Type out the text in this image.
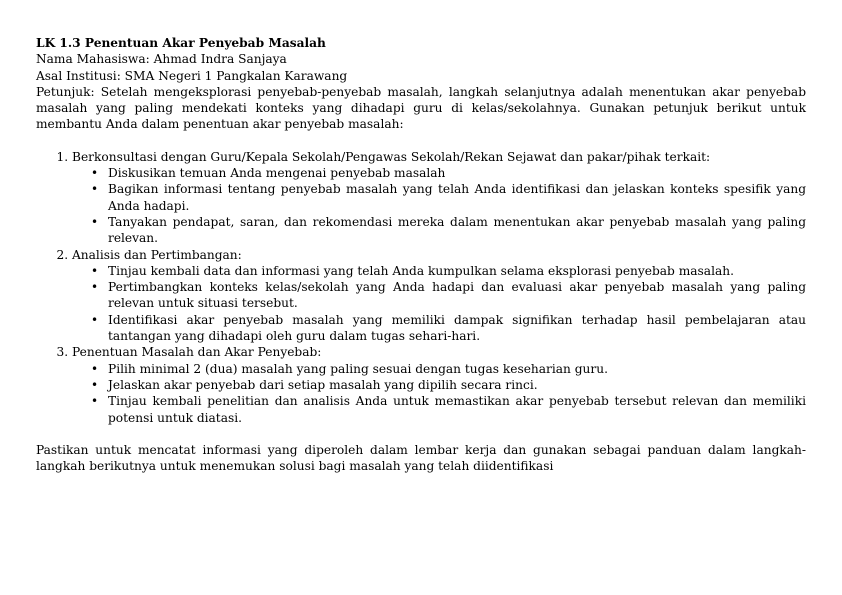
LK 1.3 Penentuan Akar Penyebab Masalah
Nama Mahasiswa: Ahmad Indra Sanjaya
Asal Institusi: SMA Negeri 1 Pangkalan Karawang
Petunjuk: Setelah mengeksplorasi penyebab-penyebab masalah, langkah selanjutnya adalah menentukan akar penyebab masalah yang paling mendekati konteks yang dihadapi guru di kelas/sekolahnya. Gunakan petunjuk berikut untuk membantu Anda dalam penentuan akar penyebab masalah:
1. Berkonsultasi dengan Guru/Kepala Sekolah/Pengawas Sekolah/Rekan Sejawat dan pakar/pihak terkait:
• Diskusikan temuan Anda mengenai penyebab masalah
• Bagikan informasi tentang penyebab masalah yang telah Anda identifikasi dan jelaskan konteks spesifik yang Anda hadapi.
• Tanyakan pendapat, saran, dan rekomendasi mereka dalam menentukan akar penyebab masalah yang paling relevan.
2. Analisis dan Pertimbangan:
• Tinjau kembali data dan informasi yang telah Anda kumpulkan selama eksplorasi penyebab masalah.
• Pertimbangkan konteks kelas/sekolah yang Anda hadapi dan evaluasi akar penyebab masalah yang paling relevan untuk situasi tersebut.
• Identifikasi akar penyebab masalah yang memiliki dampak signifikan terhadap hasil pembelajaran atau tantangan yang dihadapi oleh guru dalam tugas sehari-hari.
3. Penentuan Masalah dan Akar Penyebab:
• Pilih minimal 2 (dua) masalah yang paling sesuai dengan tugas keseharian guru.
• Jelaskan akar penyebab dari setiap masalah yang dipilih secara rinci.
• Tinjau kembali penelitian dan analisis Anda untuk memastikan akar penyebab tersebut relevan dan memiliki potensi untuk diatasi.
Pastikan untuk mencatat informasi yang diperoleh dalam lembar kerja dan gunakan sebagai panduan dalam langkah-langkah berikutnya untuk menemukan solusi bagi masalah yang telah diidentifikasi
